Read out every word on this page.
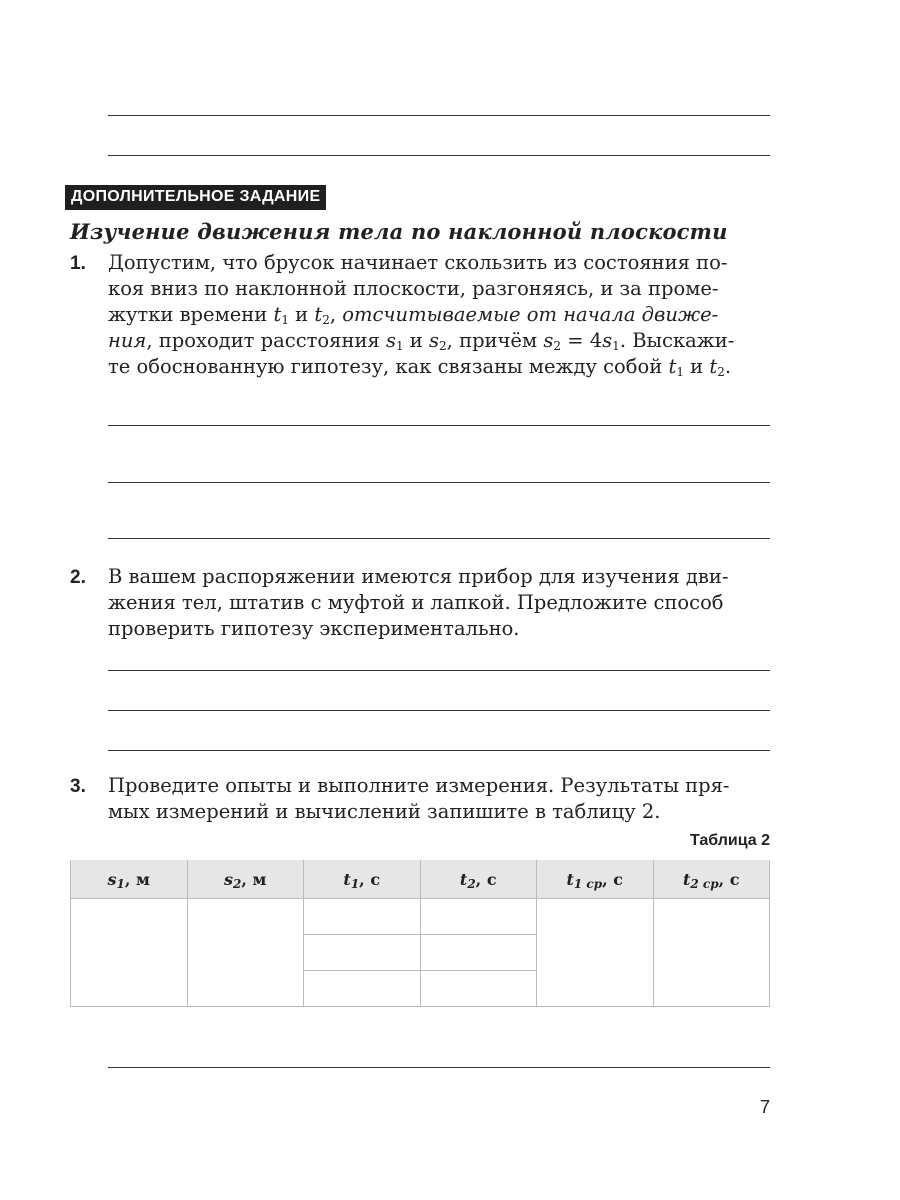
ДОПОЛНИТЕЛЬНОЕ ЗАДАНИЕ
Изучение движения тела по наклонной плоскости
1. Допустим, что брусок начинает скользить из состояния по-

коя вниз по наклонной плоскости, разгоняясь, и за проме-

жутки времени $t_1$ и $t_2$, отсчитываемые от начала движе-

ния, проходит расстояния $s_1$ и $s_2$, причём $s_2 = 4s_1$. Выскажи-

те обоснованную гипотезу, как связаны между собой $t_1$ и $t_2$.

2. В вашем распоряжении имеются прибор для изучения дви-

жения тел, штатив с муфтой и лапкой. Предложите способ

проверить гипотезу экспериментально.

3. Проведите опыты и выполните измерения. Результаты пря-

мых измерений и вычислений запишите в таблицу 2.

Таблица 2
$s_1$, м	$s_2$, м	$t_1$, с	$t_2$, с	$t_{1 ср}$, с	$t_{2 ср}$, с

7
